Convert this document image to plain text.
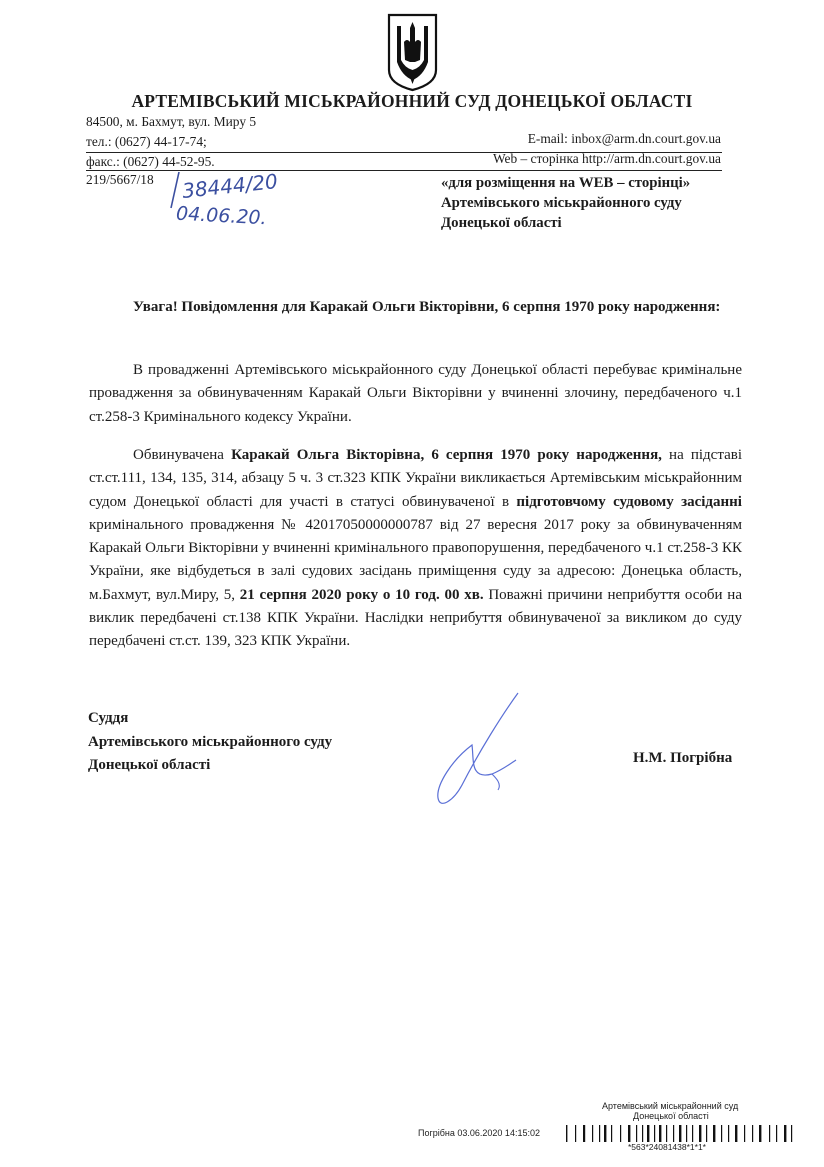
АРТЕМІВСЬКИЙ МІСЬКРАЙОННИЙ СУД ДОНЕЦЬКОЇ ОБЛАСТІ
84500, м. Бахмут, вул. Миру 5
тел.: (0627) 44-17-74;	E-mail: inbox@arm.dn.court.gov.ua
факс.: (0627) 44-52-95.	Web – сторінка http://arm.dn.court.gov.ua
219/5667/18 38444/20
04.06.20.
«для розміщення на WEB – сторінці»
Артемівського міськрайонного суду
Донецької області

Увага! Повідомлення для Каракай Ольги Вікторівни, 6 серпня 1970 року народження:

В провадженні Артемівського міськрайонного суду Донецької області перебуває кримінальне провадження за обвинуваченням Каракай Ольги Вікторівни у вчиненні злочину, передбаченого ч.1 ст.258-3 Кримінального кодексу України.

Обвинувачена Каракай Ольга Вікторівна, 6 серпня 1970 року народження, на підставі ст.ст.111, 134, 135, 314, абзацу 5 ч. 3 ст.323 КПК України викликається Артемівським міськрайонним судом Донецької області для участі в статусі обвинуваченої в підготовчому судовому засіданні кримінального провадження № 42017050000000787 від 27 вересня 2017 року за обвинуваченням Каракай Ольги Вікторівни у вчиненні кримінального правопорушення, передбаченого ч.1 ст.258-3 КК України, яке відбудеться в залі судових засідань приміщення суду за адресою: Донецька область, м.Бахмут, вул.Миру, 5, 21 серпня 2020 року о 10 год. 00 хв. Поважні причини неприбуття особи на виклик передбачені ст.138 КПК України. Наслідки неприбуття обвинуваченої за викликом до суду передбачені ст.ст. 139, 323 КПК України.

Суддя
Артемівського міськрайонного суду
Донецької області	Н.М. Погрібна
Артемівський міськрайонний суд
Донецької області
Погрібна 03.06.2020 14:15:02
*563*24081438*1*1*
